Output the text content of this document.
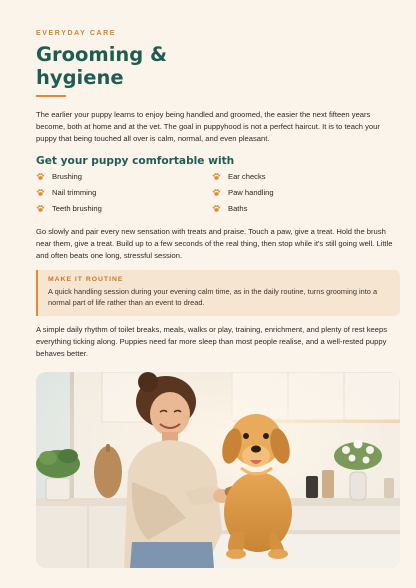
EVERYDAY CARE
Grooming & hygiene

The earlier your puppy learns to enjoy being handled and groomed, the easier the next fifteen years become, both at home and at the vet. The goal in puppyhood is not a perfect haircut. It is to teach your puppy that being touched all over is calm, normal, and even pleasant.

Get your puppy comfortable with
Brushing	Ear checks
Nail trimming	Paw handling
Teeth brushing	Baths

Go slowly and pair every new sensation with treats and praise. Touch a paw, give a treat. Hold the brush near them, give a treat. Build up to a few seconds of the real thing, then stop while it's still going well. Little and often beats one long, stressful session.

MAKE IT ROUTINE
A quick handling session during your evening calm time, as in the daily routine, turns grooming into a normal part of life rather than an event to dread.

A simple daily rhythm of toilet breaks, meals, walks or play, training, enrichment, and plenty of rest keeps everything ticking along. Puppies need far more sleep than most people realise, and a well-rested puppy behaves better.
